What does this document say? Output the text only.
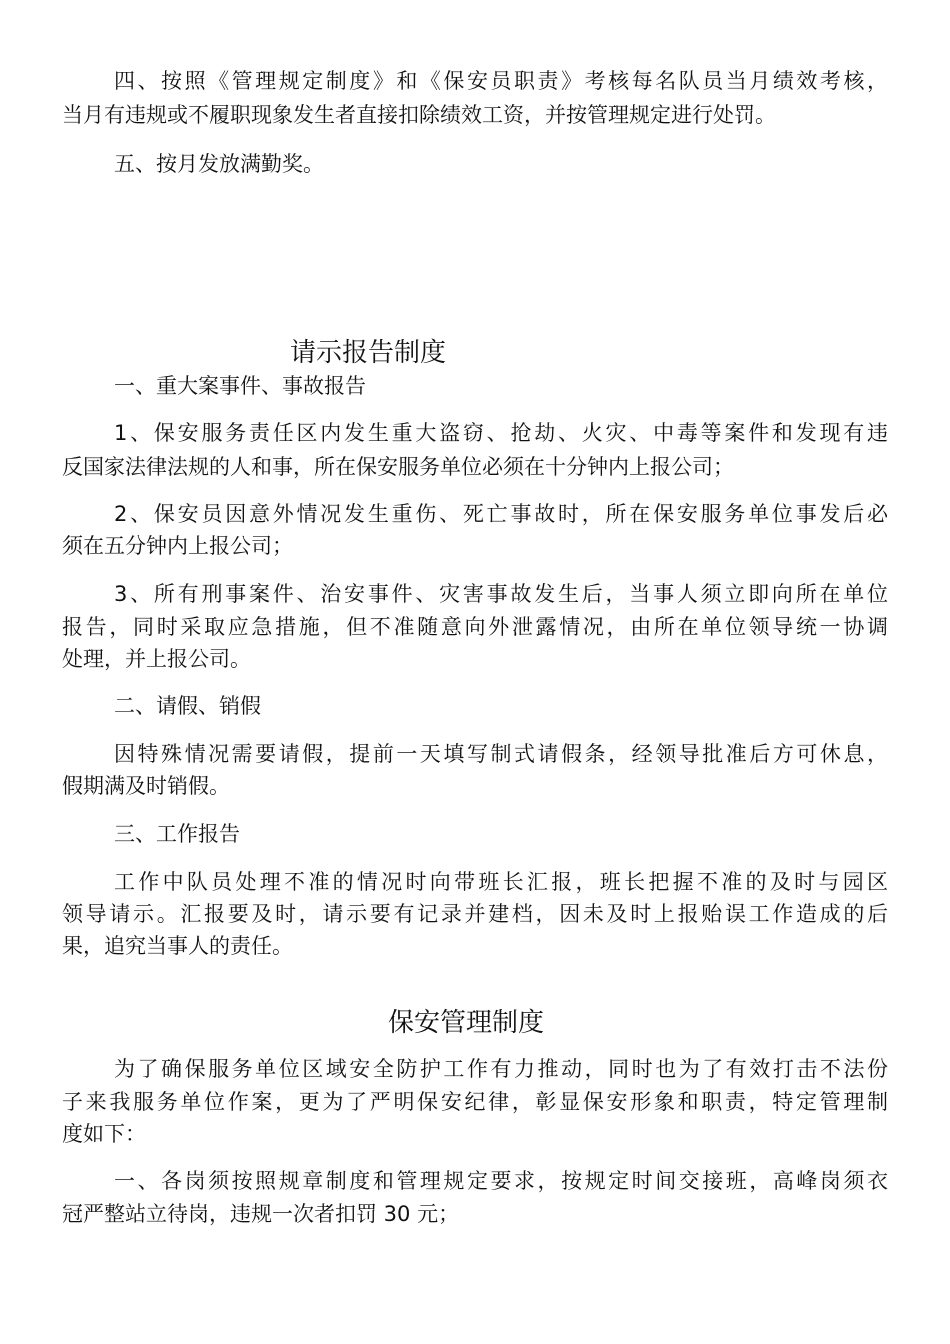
四、按照《管理规定制度》和《保安员职责》考核每名队员当月绩效考核，
当月有违规或不履职现象发生者直接扣除绩效工资，并按管理规定进行处罚。
五、按月发放满勤奖。
请示报告制度
一、重大案事件、事故报告
1、保安服务责任区内发生重大盗窃、抢劫、火灾、中毒等案件和发现有违
反国家法律法规的人和事，所在保安服务单位必须在十分钟内上报公司；
2、保安员因意外情况发生重伤、死亡事故时，所在保安服务单位事发后必
须在五分钟内上报公司；
3、所有刑事案件、治安事件、灾害事故发生后，当事人须立即向所在单位
报告，同时采取应急措施，但不准随意向外泄露情况，由所在单位领导统一协调
处理，并上报公司。
二、请假、销假
因特殊情况需要请假，提前一天填写制式请假条，经领导批准后方可休息，
假期满及时销假。
三、工作报告
工作中队员处理不准的情况时向带班长汇报，班长把握不准的及时与园区
领导请示。汇报要及时，请示要有记录并建档，因未及时上报贻误工作造成的后
果，追究当事人的责任。
保安管理制度
为了确保服务单位区域安全防护工作有力推动，同时也为了有效打击不法份
子来我服务单位作案，更为了严明保安纪律，彰显保安形象和职责，特定管理制
度如下：
一、各岗须按照规章制度和管理规定要求，按规定时间交接班，高峰岗须衣
冠严整站立待岗，违规一次者扣罚 30 元；
